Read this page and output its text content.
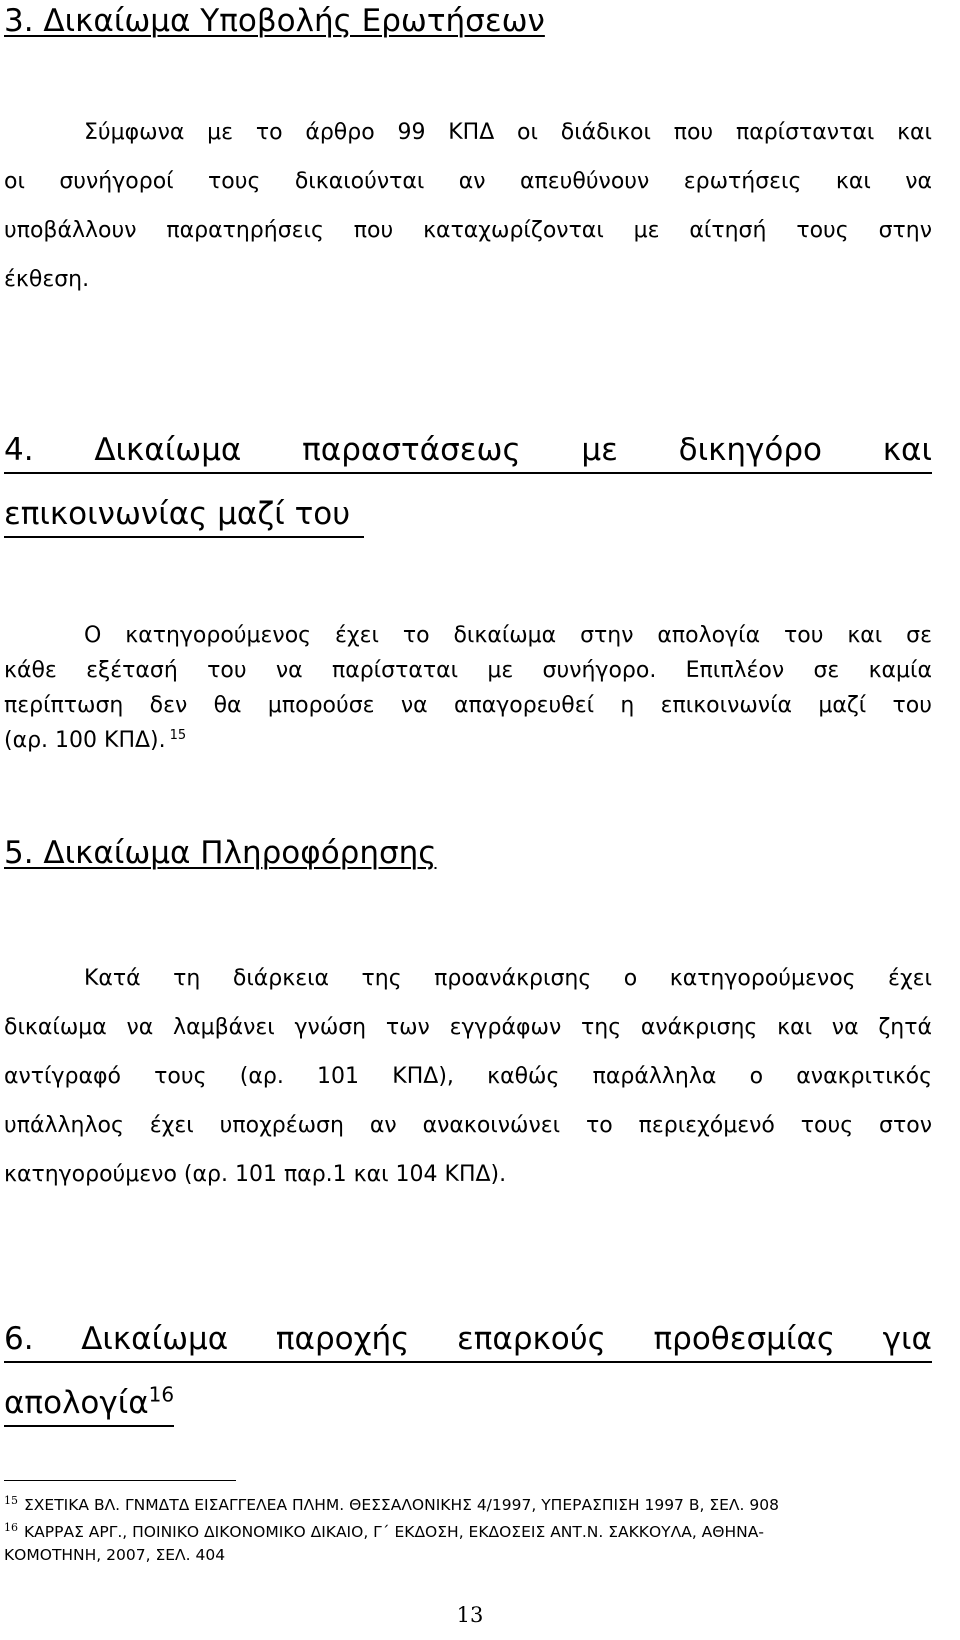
3. Δικαίωμα Υποβολής Ερωτήσεων
Σύμφωνα με το άρθρο 99 ΚΠΔ οι διάδικοι που παρίστανται και
οι συνήγοροί τους δικαιούνται αν απευθύνουν ερωτήσεις και να
υποβάλλουν παρατηρήσεις που καταχωρίζονται με αίτησή τους στην
έκθεση.
4. Δικαίωμα παραστάσεως με δικηγόρο και
επικοινωνίας μαζί του
Ο κατηγορούμενος έχει το δικαίωμα στην απολογία του και σε
κάθε εξέτασή του να παρίσταται με συνήγορο. Επιπλέον σε καμία
περίπτωση δεν θα μπορούσε να απαγορευθεί η επικοινωνία μαζί του
(αρ. 100 ΚΠΔ). $^{15}$
5. Δικαίωμα Πληροφόρησης
Κατά τη διάρκεια της προανάκρισης ο κατηγορούμενος έχει
δικαίωμα να λαμβάνει γνώση των εγγράφων της ανάκρισης και να ζητά
αντίγραφό τους (αρ. 101 ΚΠΔ), καθώς παράλληλα ο ανακριτικός
υπάλληλος έχει υποχρέωση αν ανακοινώνει το περιεχόμενό τους στον
κατηγορούμενο (αρ. 101 παρ.1 και 104 ΚΠΔ).
6. Δικαίωμα παροχής επαρκούς προθεσμίας για
απολογία$^{16}$
$^{15}$ ΣΧΕΤΙΚΑ ΒΛ. ΓΝΜΔΤΔ ΕΙΣΑΓΓΕΛΕΑ ΠΛΗΜ. ΘΕΣΣΑΛΟΝΙΚΗΣ 4/1997, ΥΠΕΡΑΣΠΙΣΗ 1997 Β, ΣΕΛ. 908
$^{16}$ ΚΑΡΡΑΣ ΑΡΓ., ΠΟΙΝΙΚΟ ΔΙΚΟΝΟΜΙΚΟ ΔΙΚΑΙΟ, Γ΄ ΕΚΔΟΣΗ, ΕΚΔΟΣΕΙΣ ΑΝΤ.Ν. ΣΑΚΚΟΥΛΑ, ΑΘΗΝΑ-
ΚΟΜΟΤΗΝΗ, 2007, ΣΕΛ. 404
13
